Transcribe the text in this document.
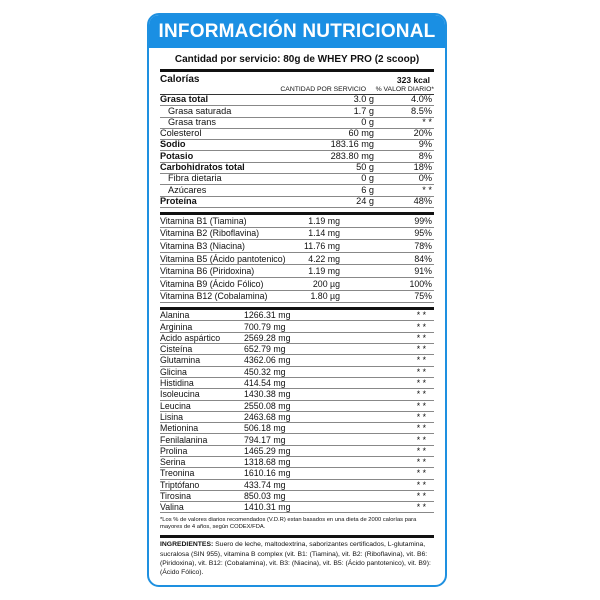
INFORMACIÓN NUTRICIONAL
Cantidad por servicio: 80g de WHEY PRO (2 scoop)
Calorías	323 kcal
CANTIDAD POR SERVICIO	% VALOR DIARIO*
Grasa total	3.0 g	4.0%
Grasa saturada	1.7 g	8.5%
Grasa trans	0 g	* *
Colesterol	60 mg	20%
Sodio	183.16 mg	9%
Potasio	283.80 mg	8%
Carbohidratos total	50 g	18%
Fibra dietaria	0 g	0%
Azúcares	6 g	* *
Proteína	24 g	48%
Vitamina B1 (Tiamina)	1.19 mg	99%
Vitamina B2 (Riboflavina)	1.14 mg	95%
Vitamina B3 (Niacina)	11.76 mg	78%
Vitamina B5 (Ácido pantotenico)	4.22 mg	84%
Vitamina B6 (Piridoxina)	1.19 mg	91%
Vitamina B9 (Ácido Fólico)	200 µg	100%
Vitamina B12 (Cobalamina)	1.80 µg	75%
Alanina	1266.31 mg	* *
Arginina	700.79 mg	* *
Acido aspártico	2569.28 mg	* *
Cisteína	652.79 mg	* *
Glutamina	4362.06 mg	* *
Glicina	450.32 mg	* *
Histidina	414.54 mg	* *
Isoleucina	1430.38 mg	* *
Leucina	2550.08 mg	* *
Lisina	2463.68 mg	* *
Metionina	506.18 mg	* *
Fenilalanina	794.17 mg	* *
Prolina	1465.29 mg	* *
Serina	1318.68 mg	* *
Treonina	1610.16 mg	* *
Triptófano	433.74 mg	* *
Tirosina	850.03 mg	* *
Valina	1410.31 mg	* *
*Los % de valores diarios recomendados (V.D.R) estan basados en una dieta de 2000 calorías para mayores de 4 años, según CODEX/FDA.
INGREDIENTES: Suero de leche, maltodextrina, saborizantes certificados, L-glutamina, sucralosa (SIN 955), vitamina B complex (vit. B1: (Tiamina), vit. B2: (Riboflavina), vit. B6: (Piridoxina), vit. B12: (Cobalamina), vit. B3: (Niacina), vit. B5: (Ácido pantotenico), vit. B9): (Ácido Fólico).
